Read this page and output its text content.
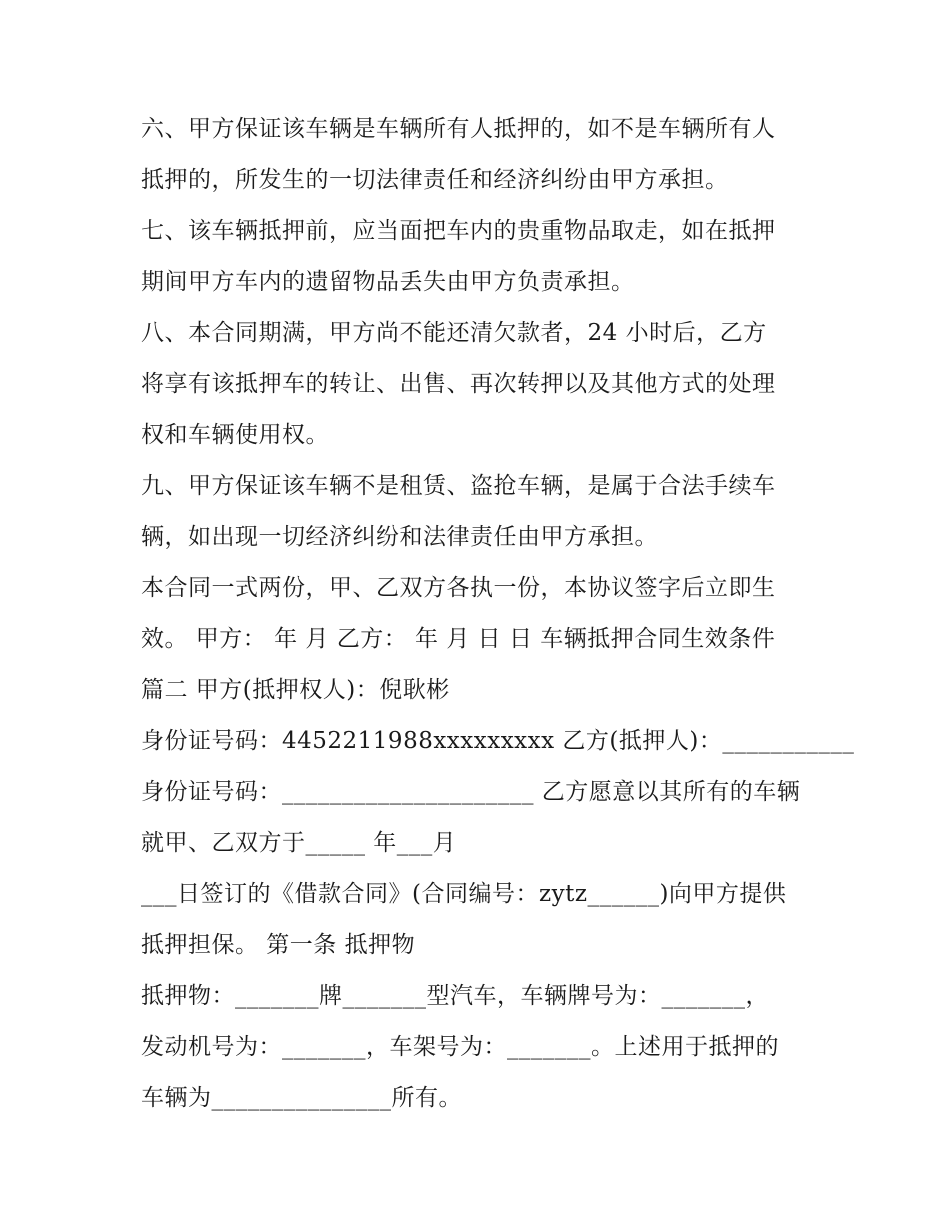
六、甲方保证该车辆是车辆所有人抵押的，如不是车辆所有人
抵押的，所发生的一切法律责任和经济纠纷由甲方承担。
七、该车辆抵押前，应当面把车内的贵重物品取走，如在抵押
期间甲方车内的遗留物品丢失由甲方负责承担。
八、本合同期满，甲方尚不能还清欠款者，24 小时后，乙方
将享有该抵押车的转让、出售、再次转押以及其他方式的处理
权和车辆使用权。
九、甲方保证该车辆不是租赁、盗抢车辆，是属于合法手续车
辆，如出现一切经济纠纷和法律责任由甲方承担。
本合同一式两份，甲、乙双方各执一份，本协议签字后立即生
效。 甲方： 年 月 乙方： 年 月 日 日 车辆抵押合同生效条件
篇二 甲方(抵押权人)：倪耿彬
身份证号码：4452211988xxxxxxxxx 乙方(抵押人)：___________
身份证号码：_____________________ 乙方愿意以其所有的车辆
就甲、乙双方于_____ 年___月
___日签订的《借款合同》(合同编号：zytz______)向甲方提供
抵押担保。 第一条 抵押物
抵押物：_______牌_______型汽车，车辆牌号为：_______，
发动机号为：_______，车架号为：_______。上述用于抵押的
车辆为_______________所有。
